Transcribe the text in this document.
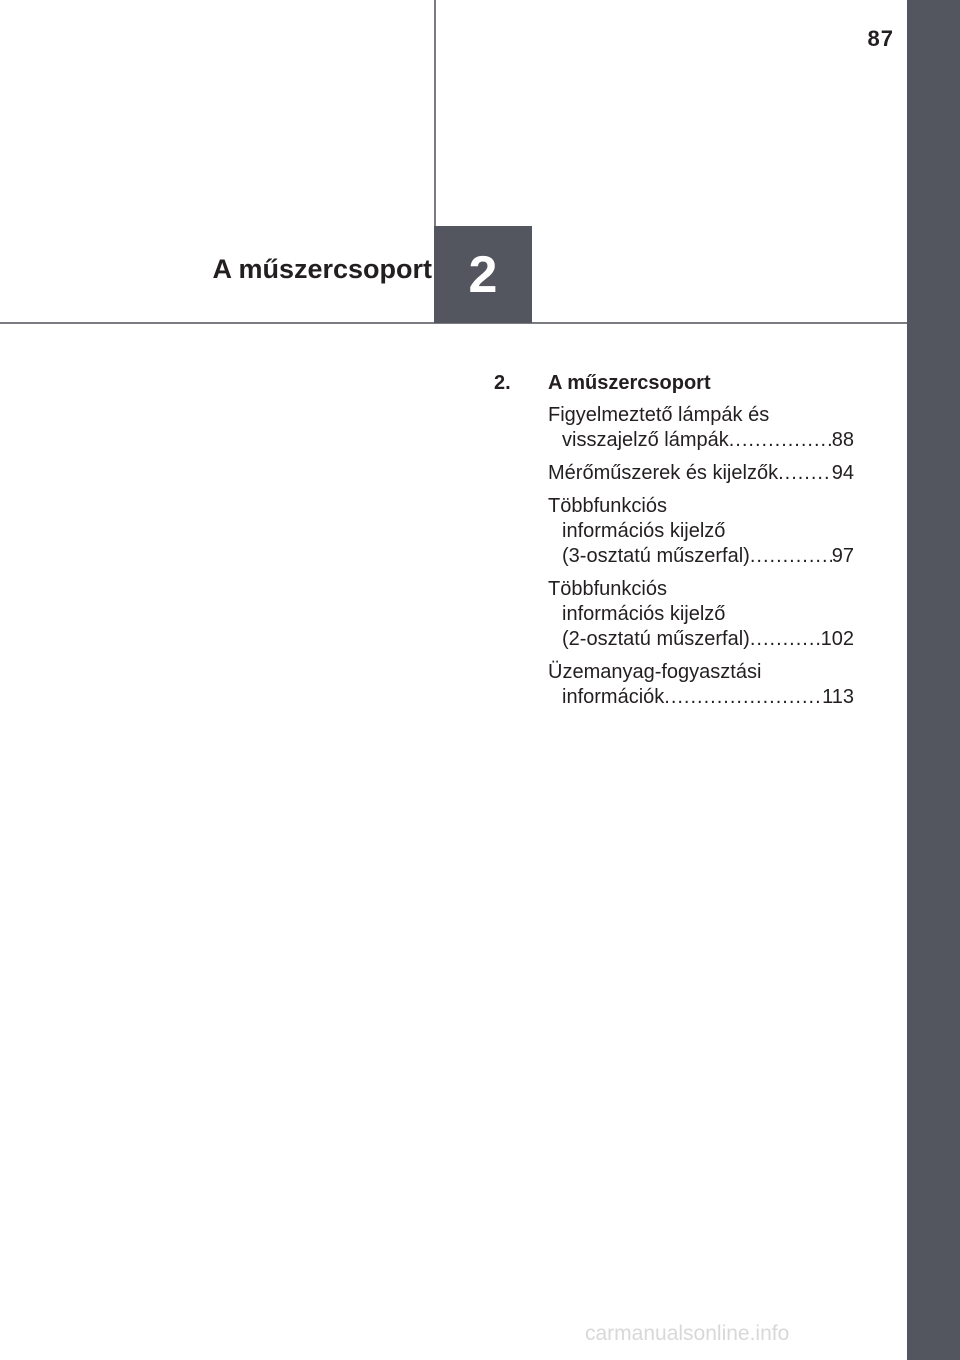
87
2
A műszercsoport
2.	A műszercsoport
Figyelmeztető lámpák és
visszajelző lámpák .....	88
Mérőműszerek és kijelzők .....	94
Többfunkciós
információs kijelző
(3-osztatú műszerfal) .....	97
Többfunkciós
információs kijelző
(2-osztatú műszerfal) .....	102
Üzemanyag-fogyasztási
információk .....	113
carmanualsonline.info
